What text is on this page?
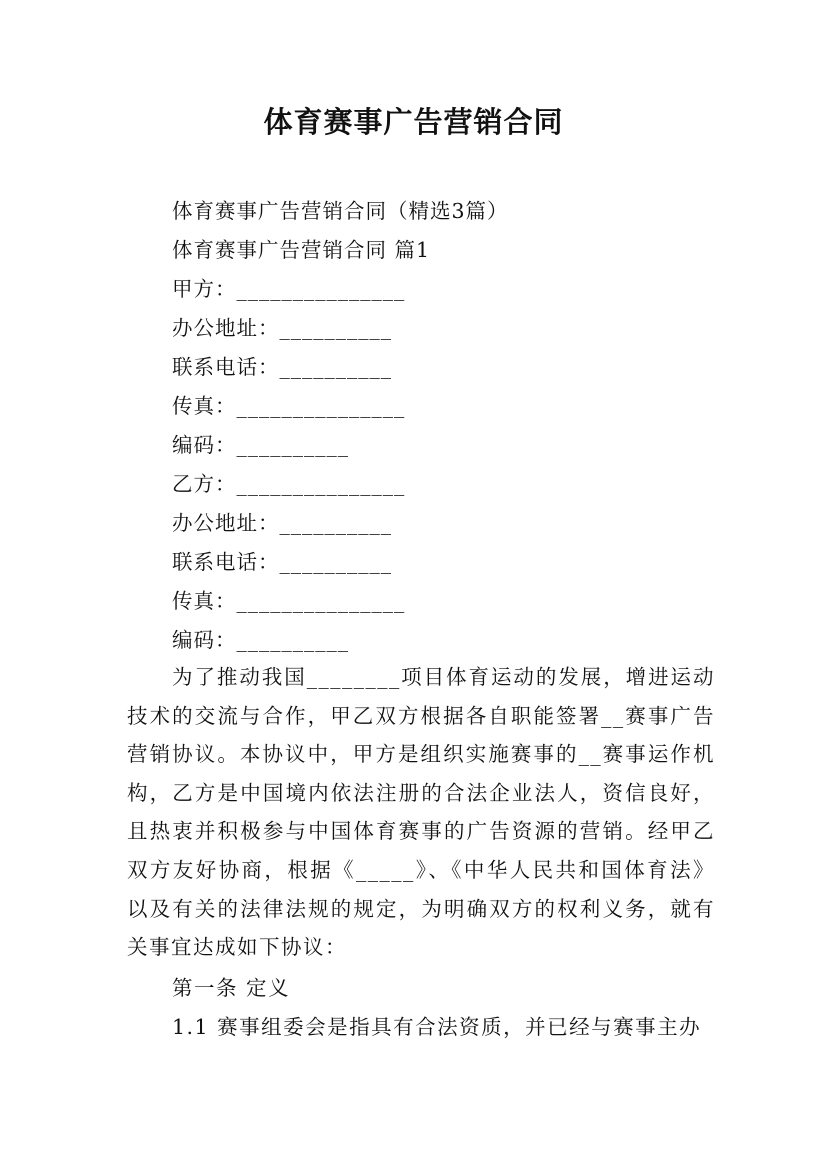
体育赛事广告营销合同
体育赛事广告营销合同（精选3篇）
体育赛事广告营销合同 篇1
甲方：_______________
办公地址：__________
联系电话：__________
传真：_______________
编码：__________
乙方：_______________
办公地址：__________
联系电话：__________
传真：_______________
编码：__________
为了推动我国________项目体育运动的发展，增进运动技术的交流与合作，甲乙双方根据各自职能签署__赛事广告营销协议。本协议中，甲方是组织实施赛事的__赛事运作机构，乙方是中国境内依法注册的合法企业法人，资信良好，且热衷并积极参与中国体育赛事的广告资源的营销。经甲乙双方友好协商，根据《_____》、《中华人民共和国体育法》以及有关的法律法规的规定，为明确双方的权利义务，就有关事宜达成如下协议：
第一条 定义
1.1 赛事组委会是指具有合法资质，并已经与赛事主办
